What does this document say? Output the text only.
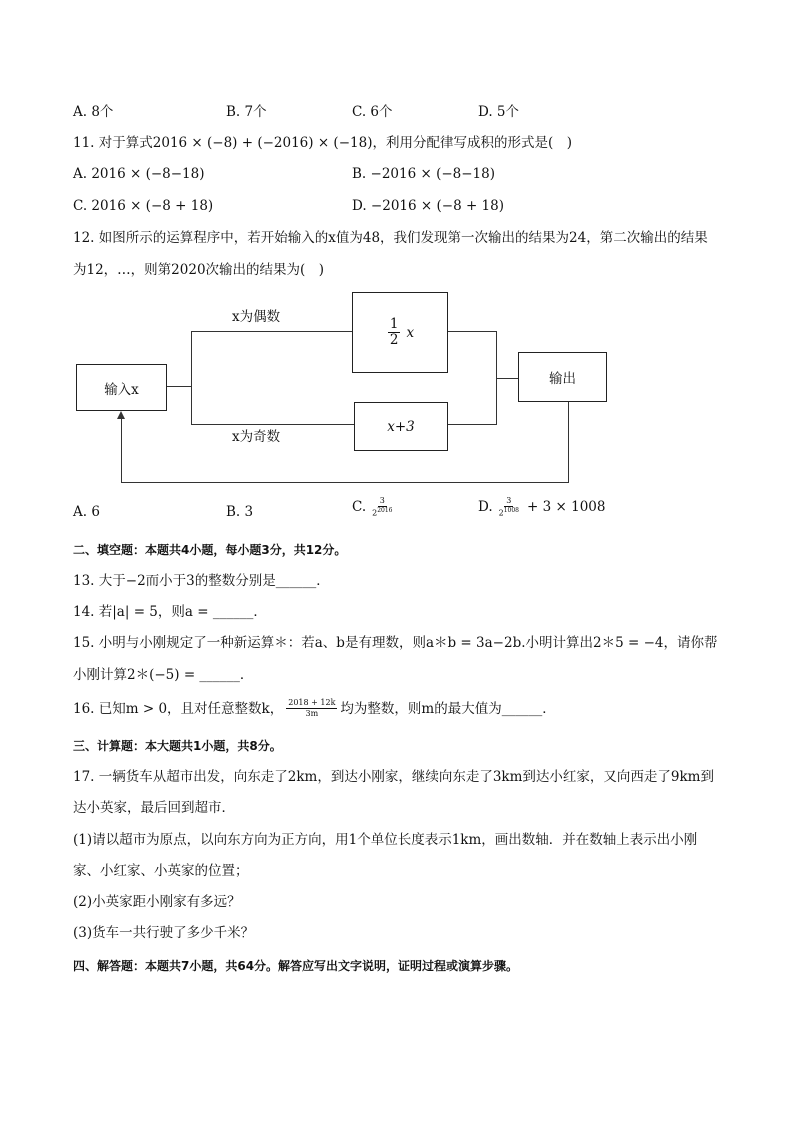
A. 8个	B. 7个	C. 6个	D. 5个
11. 对于算式2016 × (−8) + (−2016) × (−18)，利用分配律写成积的形式是(　)
A. 2016 × (−8−18)	B. −2016 × (−8−18)
C. 2016 × (−8 + 18)	D. −2016 × (−8 + 18)
12. 如图所示的运算程序中，若开始输入的x值为48，我们发现第一次输出的结果为24，第二次输出的结果
为12，…，则第2020次输出的结果为(　)
输入x
$\frac{1}{2}$ x
x+3
输出
x为偶数
x为奇数
A. 6	B. 3	C. $\frac{3}{2^{2016}}$	D. $\frac{3}{2^{1008}} + 3 \times 1008$
二、填空题：本题共4小题，每小题3分，共12分。
13. 大于−2而小于3的整数分别是______．
14. 若|a| = 5，则a = ______．
15. 小明与小刚规定了一种新运算＊：若a、b是有理数，则a＊b = 3a−2b.小明计算出2＊5 = −4，请你帮
小刚计算2＊(−5) = ______．
16. 已知m > 0，且对任意整数k， $\frac{2018 + 12k}{3m}$ 均为整数，则m的最大值为______．
三、计算题：本大题共1小题，共8分。
17. 一辆货车从超市出发，向东走了2km，到达小刚家，继续向东走了3km到达小红家，又向西走了9km到
达小英家，最后回到超市．
(1)请以超市为原点，以向东方向为正方向，用1个单位长度表示1km，画出数轴．并在数轴上表示出小刚
家、小红家、小英家的位置；
(2)小英家距小刚家有多远？
(3)货车一共行驶了多少千米？
四、解答题：本题共7小题，共64分。解答应写出文字说明，证明过程或演算步骤。
